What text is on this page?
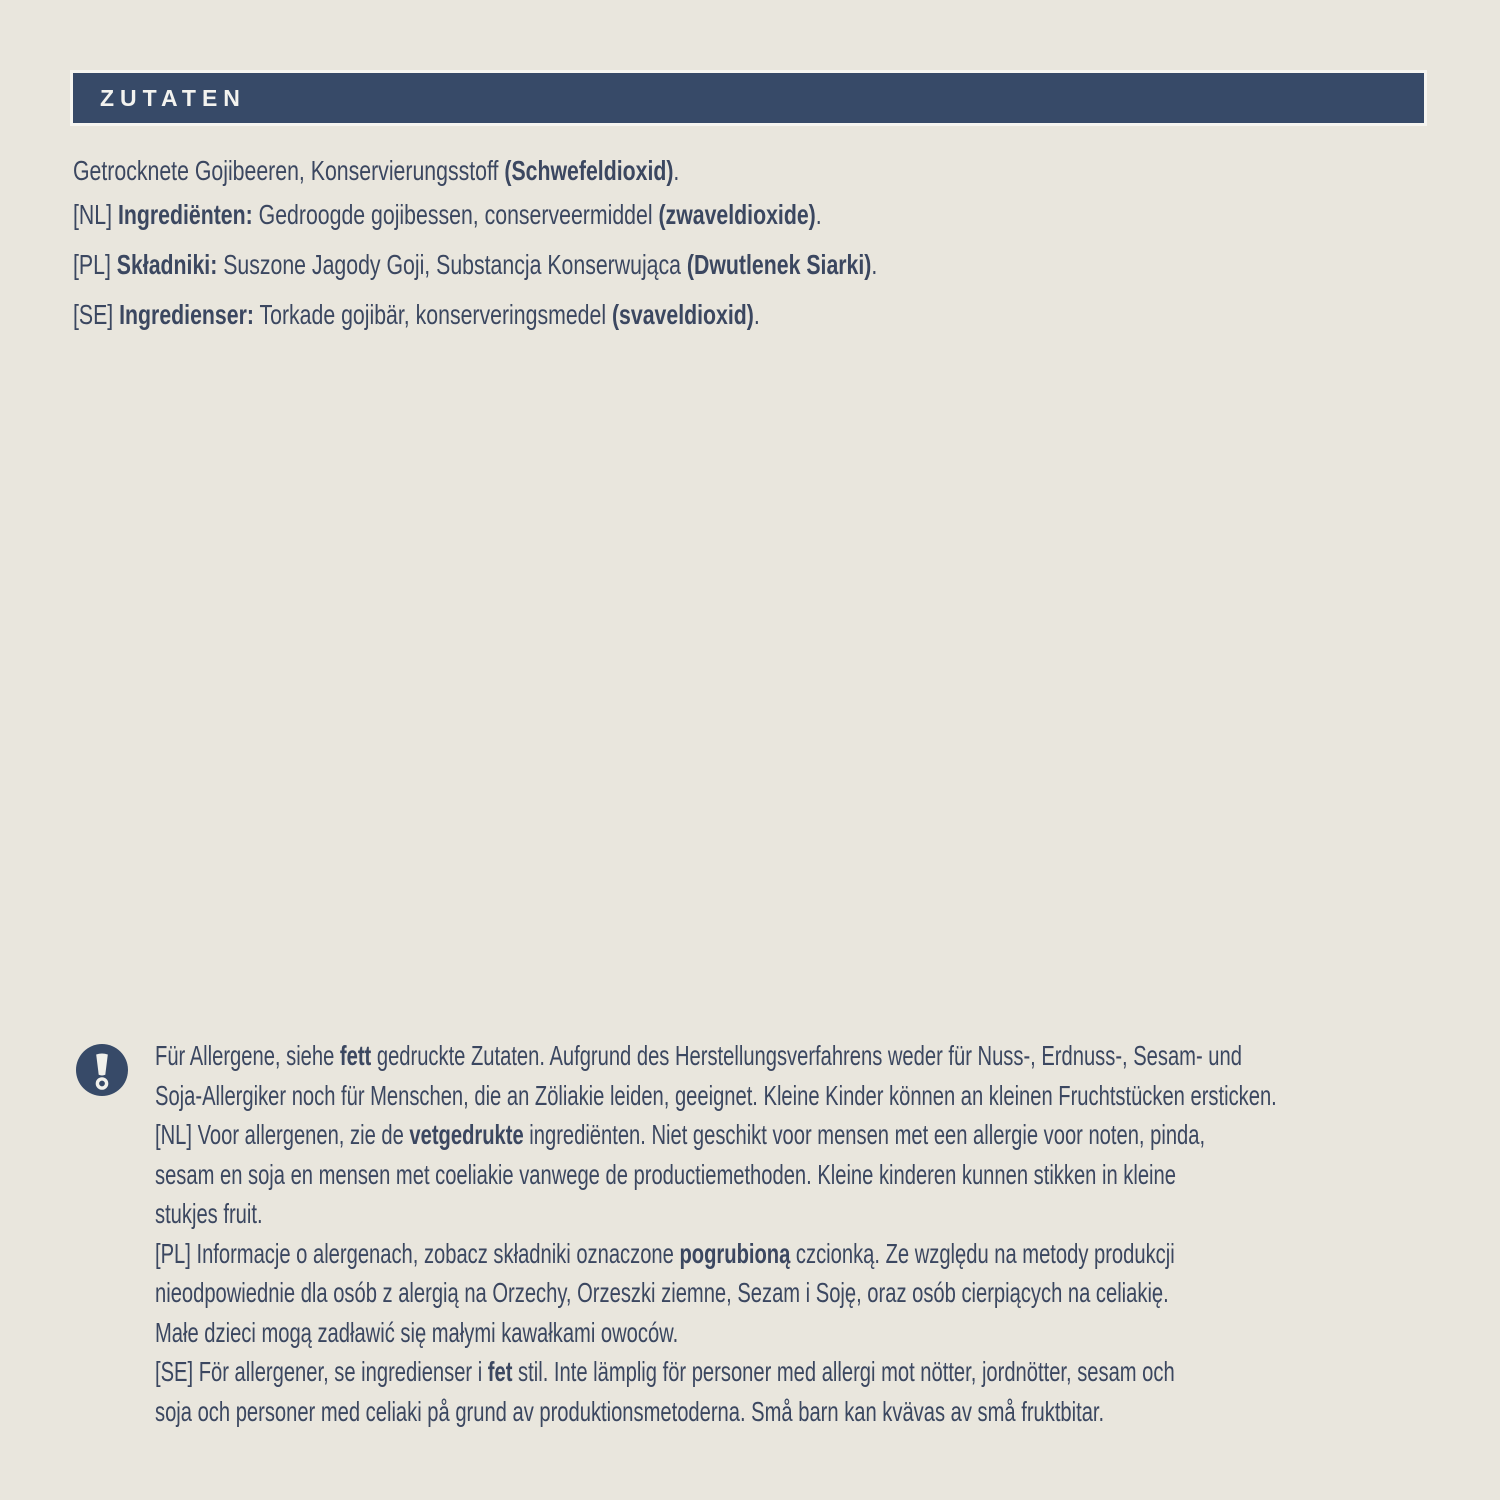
ZUTATEN
Getrocknete Gojibeeren, Konservierungsstoff (Schwefeldioxid).
[NL] Ingrediënten: Gedroogde gojibessen, conserveermiddel (zwaveldioxide).
[PL] Składniki: Suszone Jagody Goji, Substancja Konserwująca (Dwutlenek Siarki).
[SE] Ingredienser: Torkade gojibär, konserveringsmedel (svaveldioxid).
Für Allergene, siehe fett gedruckte Zutaten. Aufgrund des Herstellungsverfahrens weder für Nuss-, Erdnuss-, Sesam- und
Soja-Allergiker noch für Menschen, die an Zöliakie leiden, geeignet. Kleine Kinder können an kleinen Fruchtstücken ersticken.
[NL] Voor allergenen, zie de vetgedrukte ingrediënten. Niet geschikt voor mensen met een allergie voor noten, pinda,
sesam en soja en mensen met coeliakie vanwege de productiemethoden. Kleine kinderen kunnen stikken in kleine
stukjes fruit.
[PL] Informacje o alergenach, zobacz składniki oznaczone pogrubioną czcionką. Ze względu na metody produkcji
nieodpowiednie dla osób z alergią na Orzechy, Orzeszki ziemne, Sezam i Soję, oraz osób cierpiących na celiakię.
Małe dzieci mogą zadławić się małymi kawałkami owoców.
[SE] För allergener, se ingredienser i fet stil. Inte lämplig för personer med allergi mot nötter, jordnötter, sesam och
soja och personer med celiaki på grund av produktionsmetoderna. Små barn kan kvävas av små fruktbitar.
